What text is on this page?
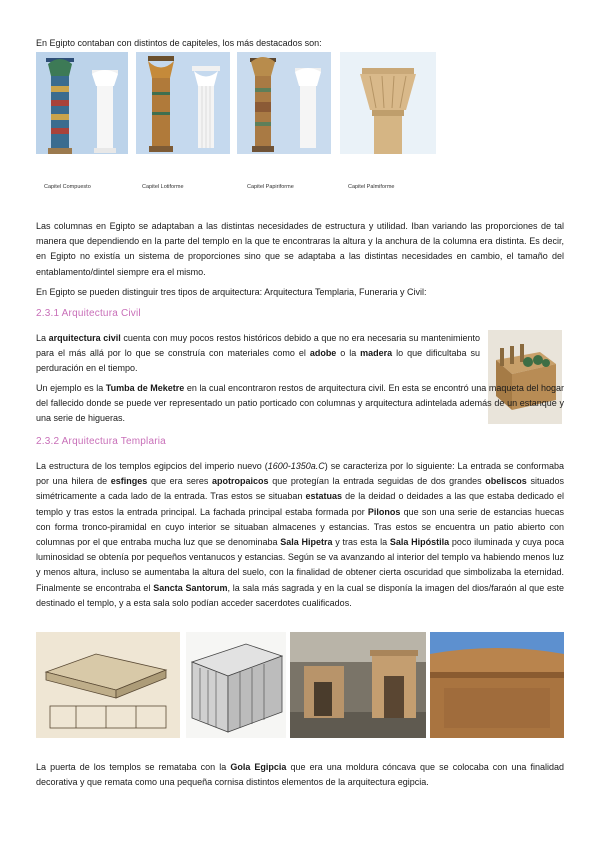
En Egipto contaban con distintos de capiteles, los más destacados son:

Capitel Compuesto	Capitel Lotiforme	Capitel Papiriforme	Capitel Palmiforme

Las columnas en Egipto se adaptaban a las distintas necesidades de estructura y utilidad. Iban variando las proporciones de tal manera que dependiendo en la parte del templo en la que te encontraras la altura y la anchura de la columna era distinta. Es decir, en Egipto no existía un sistema de proporciones sino que se adaptaba a las distintas necesidades en cambio, el tamaño del entablamento/dintel siempre era el mismo.

En Egipto se pueden distinguir tres tipos de arquitectura: Arquitectura Templaria, Funeraria y Civil:

2.3.1 Arquitectura Civil

La arquitectura civil cuenta con muy pocos restos históricos debido a que no era necesaria su mantenimiento para el más allá por lo que se construía con materiales como el adobe o la madera lo que dificultaba su perduración en el tiempo.

Un ejemplo es la Tumba de Meketre en la cual encontraron restos de arquitectura civil. En esta se encontró una maqueta del hogar del fallecido donde se puede ver representado un patio porticado con columnas y arquitectura adintelada además de un estanque y una serie de higueras.

2.3.2 Arquitectura Templaria

La estructura de los templos egipcios del imperio nuevo (1600-1350a.C) se caracteriza por lo siguiente: La entrada se conformaba por una hilera de esfinges que era seres apotropaicos que protegían la entrada seguidas de dos grandes obeliscos situados simétricamente a cada lado de la entrada. Tras estos se situaban estatuas de la deidad o deidades a las que estaba dedicado el templo y tras estos la entrada principal. La fachada principal estaba formada por Pilonos que son una serie de estancias huecas con forma tronco-piramidal en cuyo interior se situaban almacenes y estancias. Tras estos se encuentra un patio abierto con columnas por el que entraba mucha luz que se denominaba Sala Hipetra y tras esta la Sala Hipóstila poco iluminada y cuya poca luminosidad se obtenía por pequeños ventanucos y estancias. Según se va avanzando al interior del templo va habiendo menos luz y menos altura, incluso se aumentaba la altura del suelo, con la finalidad de obtener cierta oscuridad que simbolizaba la eternidad. Finalmente se encontraba el Sancta Santorum, la sala más sagrada y en la cual se disponía la imagen del dios/faraón al que este destinado el templo, y a esta sala solo podían acceder sacerdotes cualificados.

La puerta de los templos se remataba con la Gola Egipcia que era una moldura cóncava que se colocaba con una finalidad decorativa y que remata como una pequeña cornisa distintos elementos de la arquitectura egipcia.
